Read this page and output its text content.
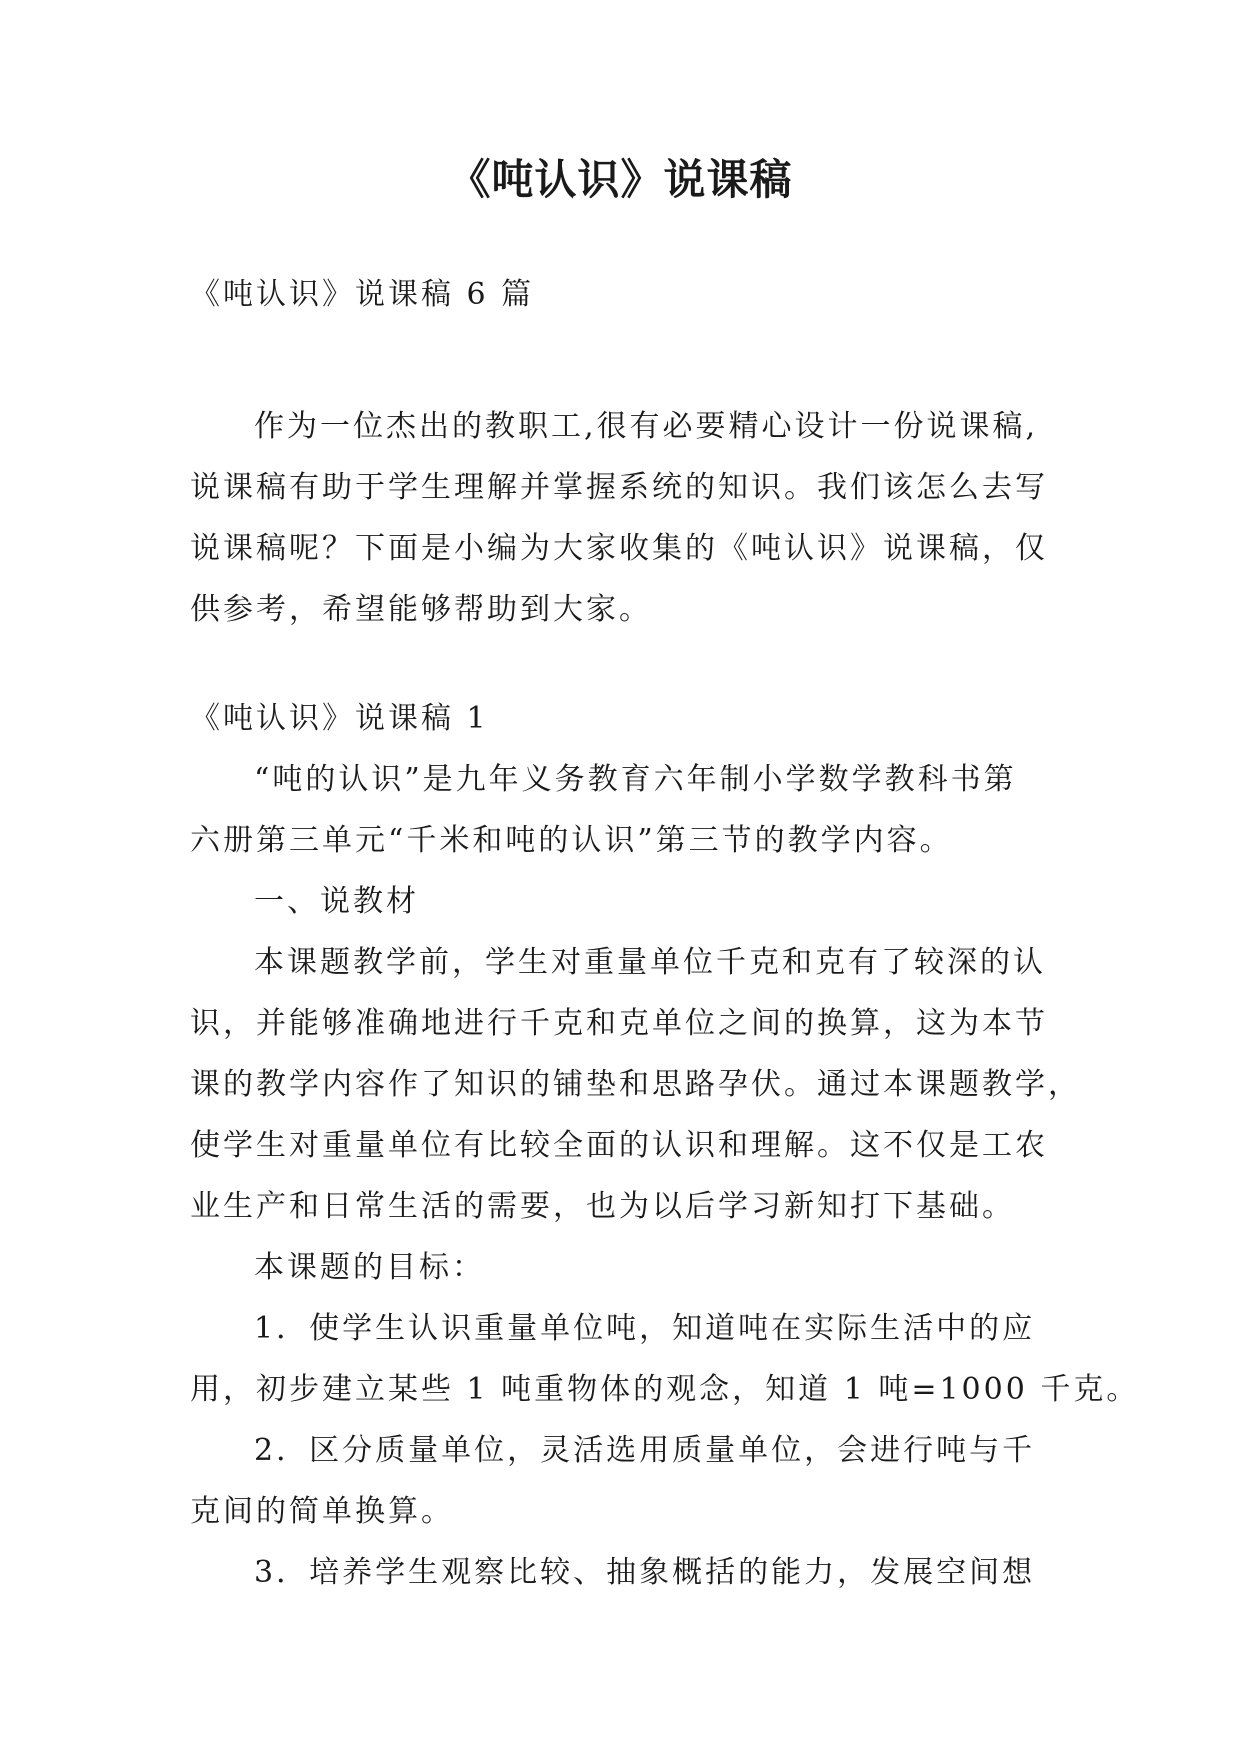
《吨认识》说课稿
《吨认识》说课稿 6 篇
作为一位杰出的教职工,很有必要精心设计一份说课稿,
说课稿有助于学生理解并掌握系统的知识。我们该怎么去写
说课稿呢？下面是小编为大家收集的《吨认识》说课稿，仅
供参考，希望能够帮助到大家。
《吨认识》说课稿 1
“吨的认识”是九年义务教育六年制小学数学教科书第
六册第三单元“千米和吨的认识”第三节的教学内容。
一、说教材
本课题教学前，学生对重量单位千克和克有了较深的认
识，并能够准确地进行千克和克单位之间的换算，这为本节
课的教学内容作了知识的铺垫和思路孕伏。通过本课题教学，
使学生对重量单位有比较全面的认识和理解。这不仅是工农
业生产和日常生活的需要，也为以后学习新知打下基础。
本课题的目标：
1．使学生认识重量单位吨，知道吨在实际生活中的应
用，初步建立某些 1 吨重物体的观念，知道 1 吨=1000 千克。
2．区分质量单位，灵活选用质量单位，会进行吨与千
克间的简单换算。
3．培养学生观察比较、抽象概括的能力，发展空间想
